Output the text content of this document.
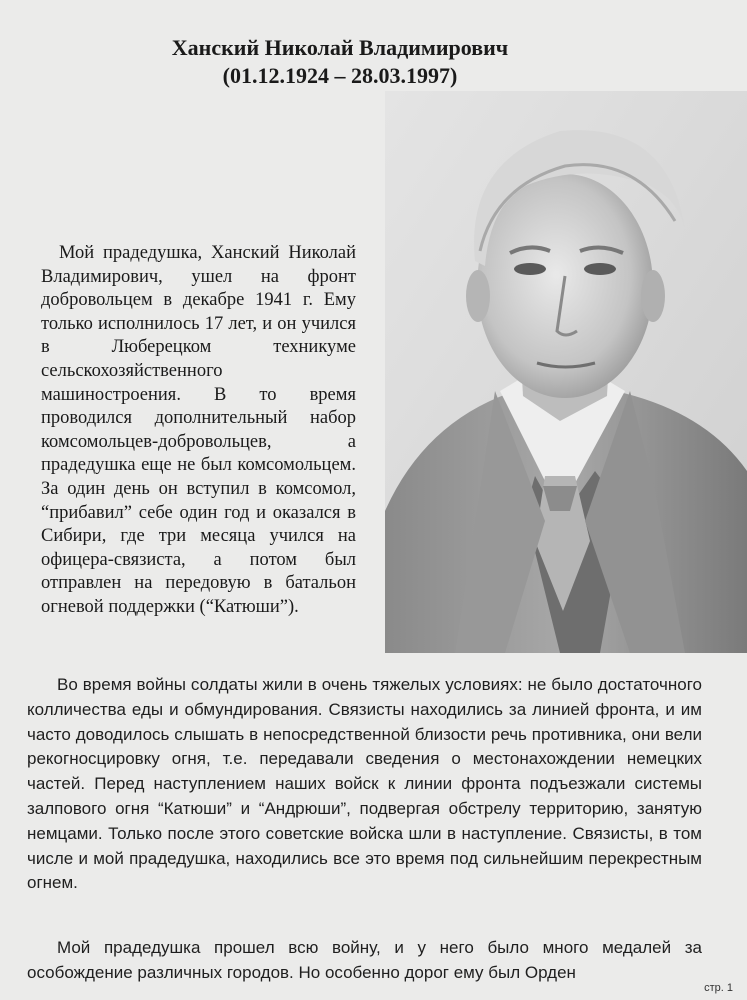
Ханский Николай Владимирович
(01.12.1924 – 28.03.1997)
Мой прадедушка, Ханский Николай Владимирович, ушел на фронт добровольцем в декабре 1941 г. Ему только исполнилось 17 лет, и он учился в Люберецком техникуме сельскохозяйственного машиностроения. В то время проводился дополнительный набор комсомольцев-добровольцев, а прадедушка еще не был комсомольцем. За один день он вступил в комсомол, “прибавил” себе один год и оказался в Сибири, где три месяца учился на офицера-связиста, а потом был отправлен на передовую в батальон огневой поддержки (“Катюши”).
Во время войны солдаты жили в очень тяжелых условиях: не было достаточного колличества еды и обмундирования. Связисты находились за линией фронта, и им часто доводилось слышать в непосредственной близости речь противника, они вели рекогносцировку огня, т.е. передавали сведения о местонахождении немецких частей. Перед наступлением наших войск к линии фронта подъезжали системы залпового огня “Катюши” и “Андрюши”, подвергая обстрелу территорию, занятую немцами. Только после этого советские войска шли в наступление. Связисты, в том числе и мой прадедушка, находились все это время под сильнейшим перекрестным огнем.
Мой прадедушка прошел всю войну, и у него было много медалей за особождение различных городов. Но особенно дорог ему был Орден
стр. 1
